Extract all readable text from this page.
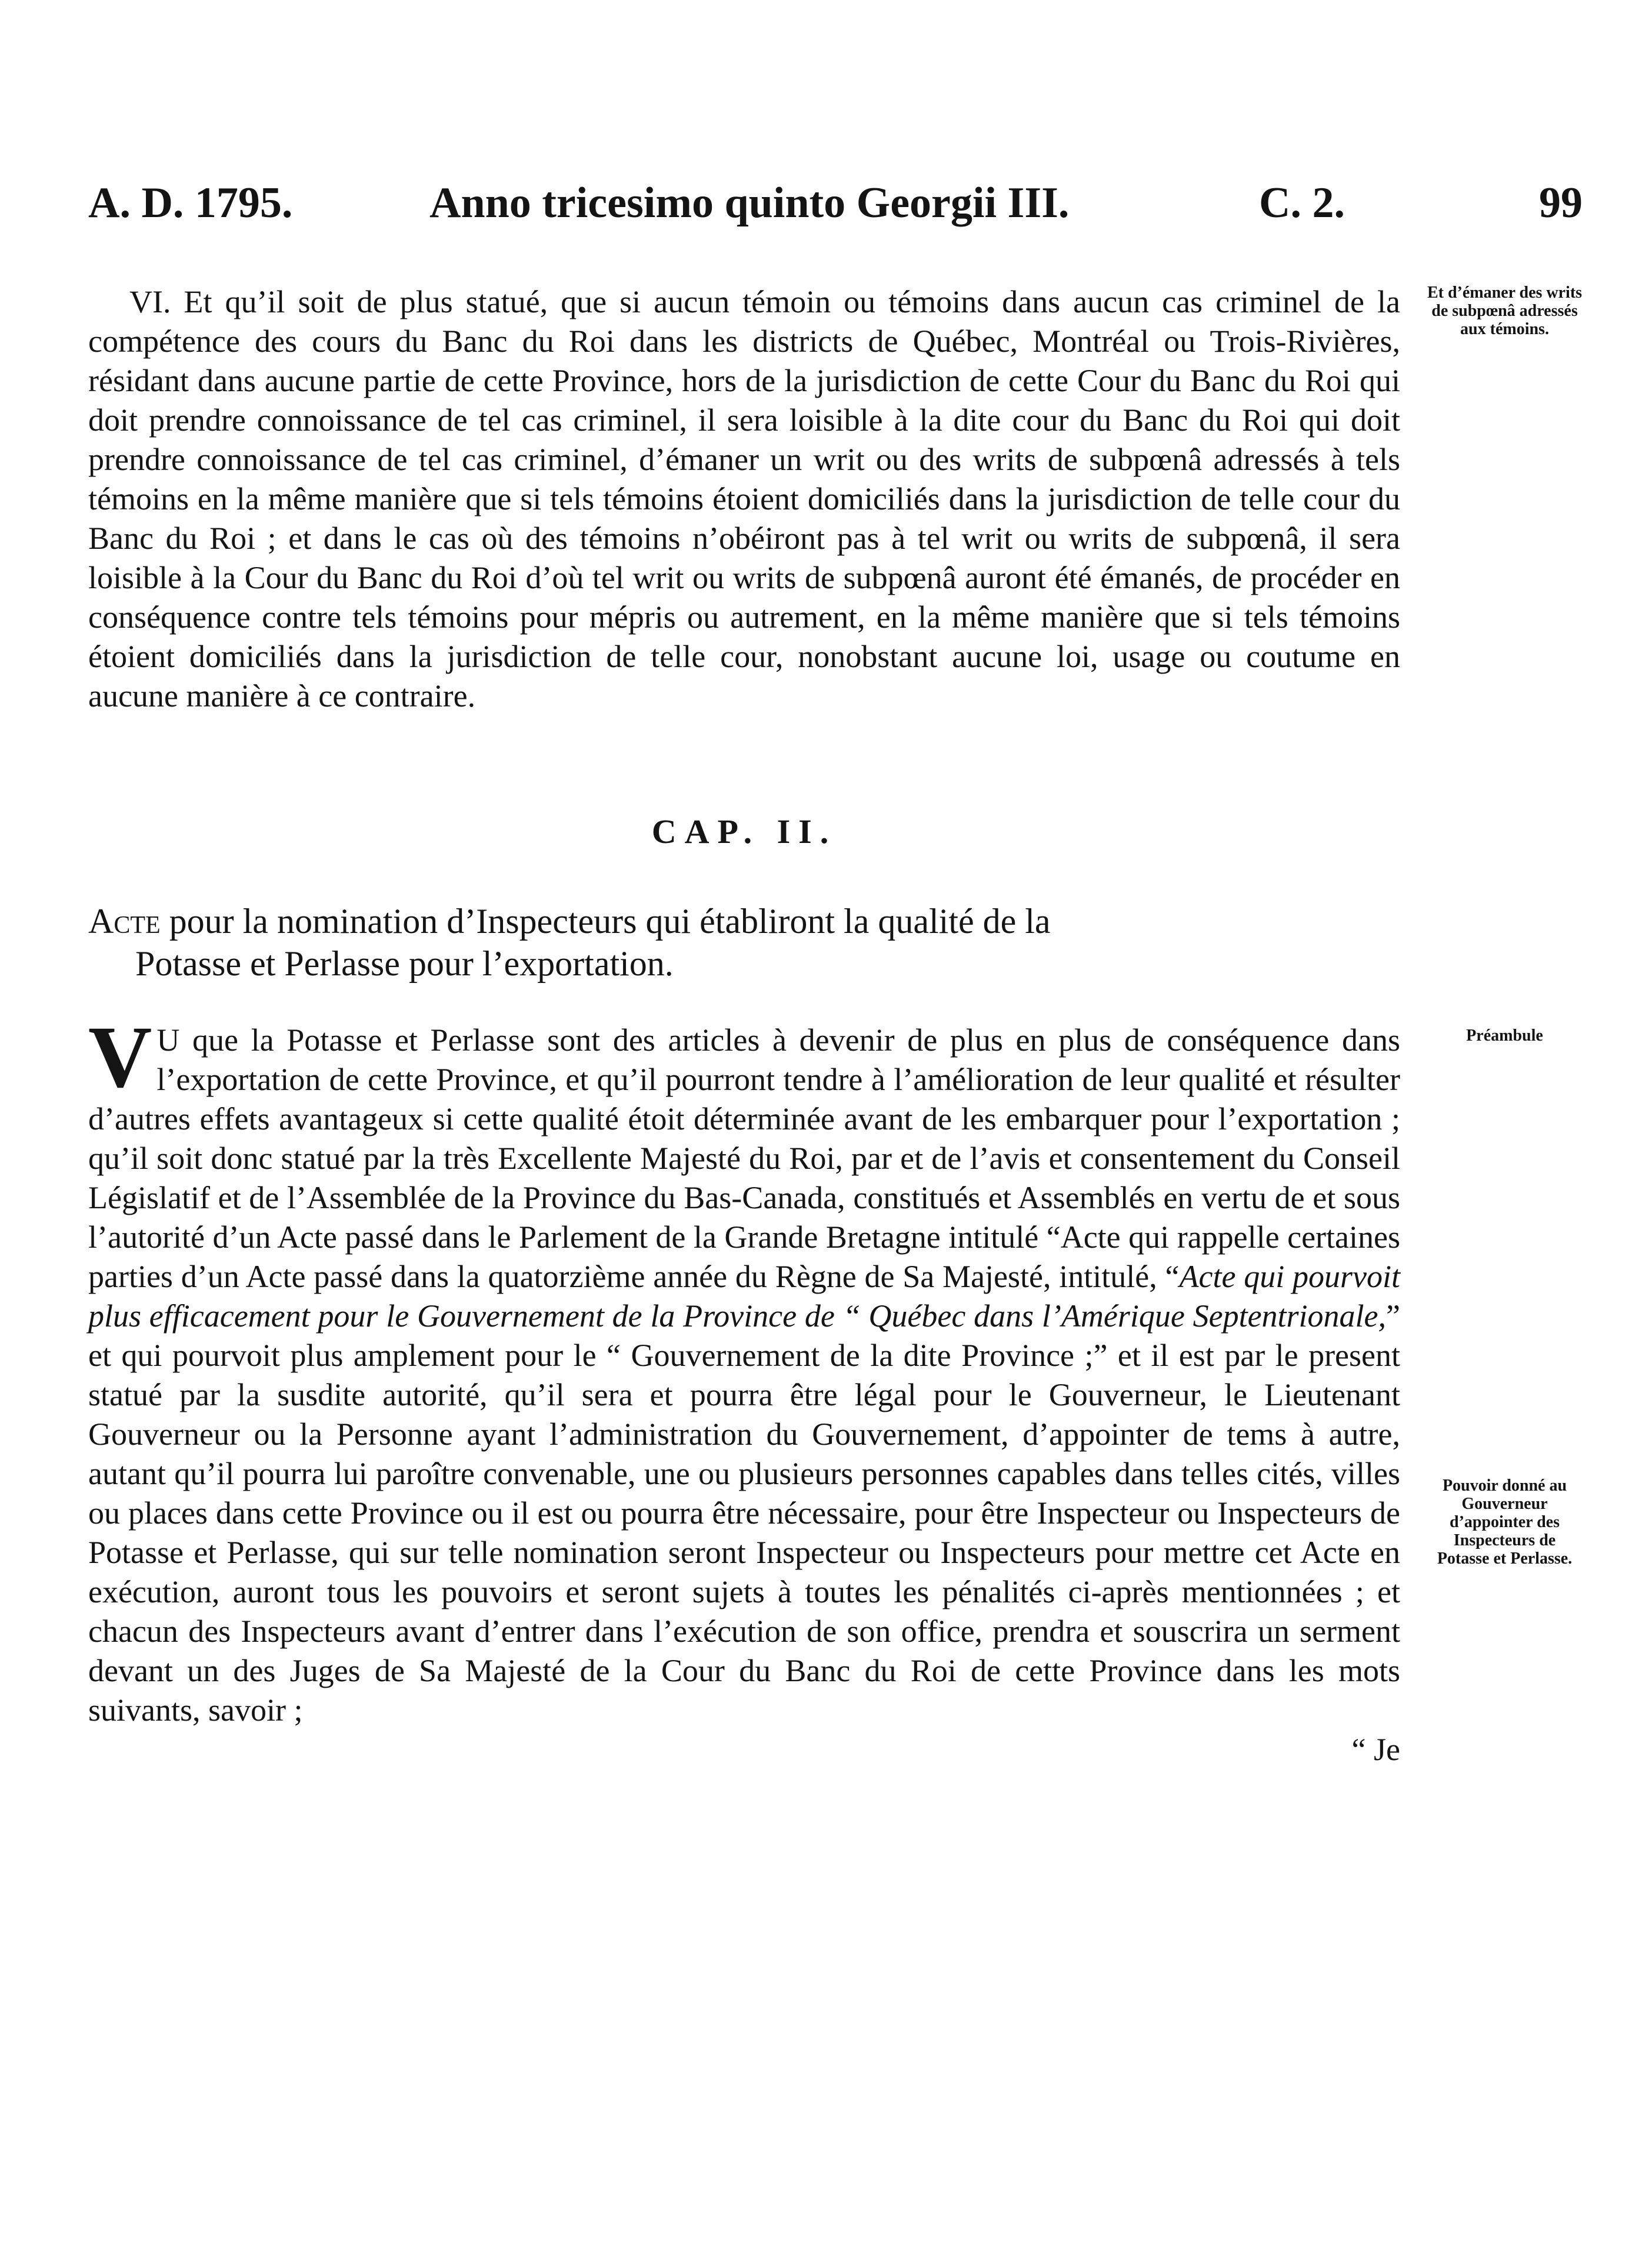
A. D. 1795.	Anno tricesimo quinto Georgii III.	C. 2.	99

VI. Et qu’il soit de plus statué, que si aucun témoin ou témoins dans aucun cas criminel de la compétence des cours du Banc du Roi dans les districts de Québec, Montréal ou Trois-Rivières, résidant dans aucune partie de cette Province, hors de la jurisdiction de cette Cour du Banc du Roi qui doit prendre connoissance de tel cas criminel, il sera loisible à la dite cour du Banc du Roi qui doit prendre connoissance de tel cas criminel, d’émaner un writ ou des writs de subpœnâ adressés à tels témoins en la même manière que si tels témoins étoient domiciliés dans la jurisdiction de telle cour du Banc du Roi ; et dans le cas où des témoins n’obéiront pas à tel writ ou writs de subpœnâ, il sera loisible à la Cour du Banc du Roi d’où tel writ ou writs de subpœnâ auront été émanés, de procéder en conséquence contre tels témoins pour mépris ou autrement, en la même manière que si tels témoins étoient domiciliés dans la jurisdiction de telle cour, nonobstant aucune loi, usage ou coutume en aucune manière à ce contraire.

CAP. II.
Acte pour la nomination d’Inspecteurs qui établiront la qualité de la
Potasse et Perlasse pour l’exportation.

V U que la Potasse et Perlasse sont des articles à devenir de plus en plus de conséquence dans l’exportation de cette Province, et qu’il pourront tendre à l’amélioration de leur qualité et résulter d’autres effets avantageux si cette qualité étoit déterminée avant de les embarquer pour l’exportation ; qu’il soit donc statué par la très Excellente Majesté du Roi, par et de l’avis et consentement du Conseil Législatif et de l’Assemblée de la Province du Bas-Canada, constitués et Assemblés en vertu de et sous l’autorité d’un Acte passé dans le Parlement de la Grande Bretagne intitulé “Acte qui rappelle certaines parties d’un Acte passé dans la quatorzième année du Règne de Sa Majesté, intitulé, “Acte qui pourvoit plus efficacement pour le Gouvernement de la Province de “ Québec dans l’Amérique Septentrionale,” et qui pourvoit plus amplement pour le “ Gouvernement de la dite Province ;” et il est par le present statué par la susdite autorité, qu’il sera et pourra être légal pour le Gouverneur, le Lieutenant Gouverneur ou la Personne ayant l’administration du Gouvernement, d’appointer de tems à autre, autant qu’il pourra lui paroître convenable, une ou plusieurs personnes capables dans telles cités, villes ou places dans cette Province ou il est ou pourra être nécessaire, pour être Inspecteur ou Inspecteurs de Potasse et Perlasse, qui sur telle nomination seront Inspecteur ou Inspecteurs pour mettre cet Acte en exécution, auront tous les pouvoirs et seront sujets à toutes les pénalités ci-après mentionnées ; et chacun des Inspecteurs avant d’entrer dans l’exécution de son office, prendra et souscrira un serment devant un des Juges de Sa Majesté de la Cour du Banc du Roi de cette Province dans les mots suivants, savoir ;
“ Je

Et d’émaner des writs de subpœnâ adressés aux témoins.
Préambule
Pouvoir donné au Gouverneur d’appointer des Inspecteurs de Potasse et Perlasse.
